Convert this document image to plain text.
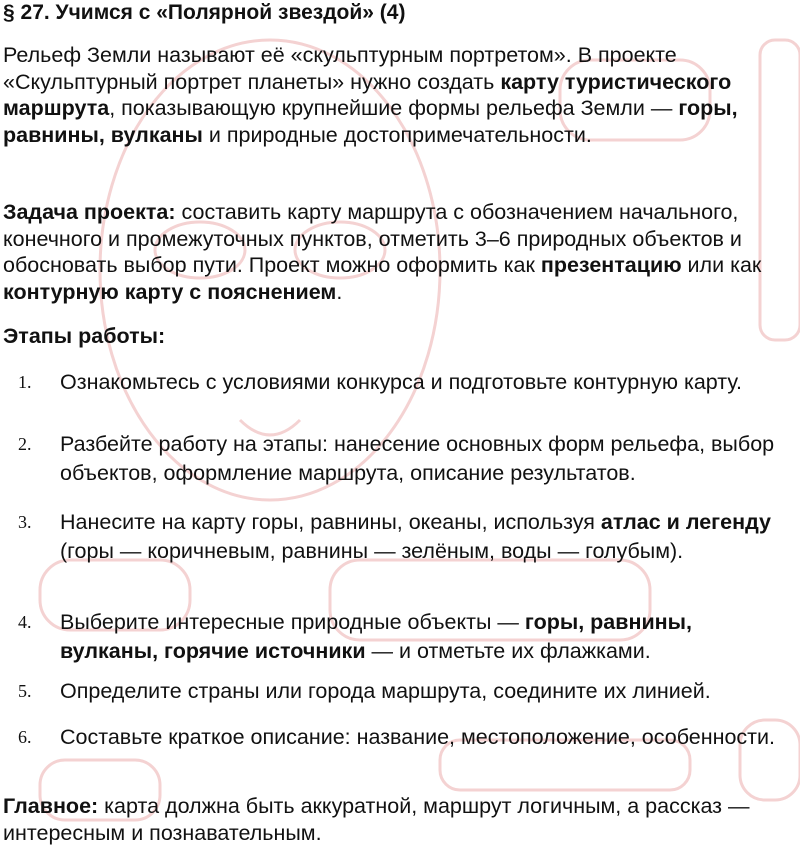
§ 27. Учимся с «Полярной звездой» (4)

Рельеф Земли называют её «скульптурным портретом». В проекте «Скульптурный портрет планеты» нужно создать карту туристического маршрута, показывающую крупнейшие формы рельефа Земли — горы, равнины, вулканы и природные достопримечательности.

Задача проекта: составить карту маршрута с обозначением начального, конечного и промежуточных пунктов, отметить 3–6 природных объектов и обосновать выбор пути. Проект можно оформить как презентацию или как контурную карту с пояснением.

Этапы работы:
1. Ознакомьтесь с условиями конкурса и подготовьте контурную карту.
2. Разбейте работу на этапы: нанесение основных форм рельефа, выбор объектов, оформление маршрута, описание результатов.
3. Нанесите на карту горы, равнины, океаны, используя атлас и легенду (горы — коричневым, равнины — зелёным, воды — голубым).
4. Выберите интересные природные объекты — горы, равнины, вулканы, горячие источники — и отметьте их флажками.
5. Определите страны или города маршрута, соедините их линией.
6. Составьте краткое описание: название, местоположение, особенности.

Главное: карта должна быть аккуратной, маршрут логичным, а рассказ — интересным и познавательным.
